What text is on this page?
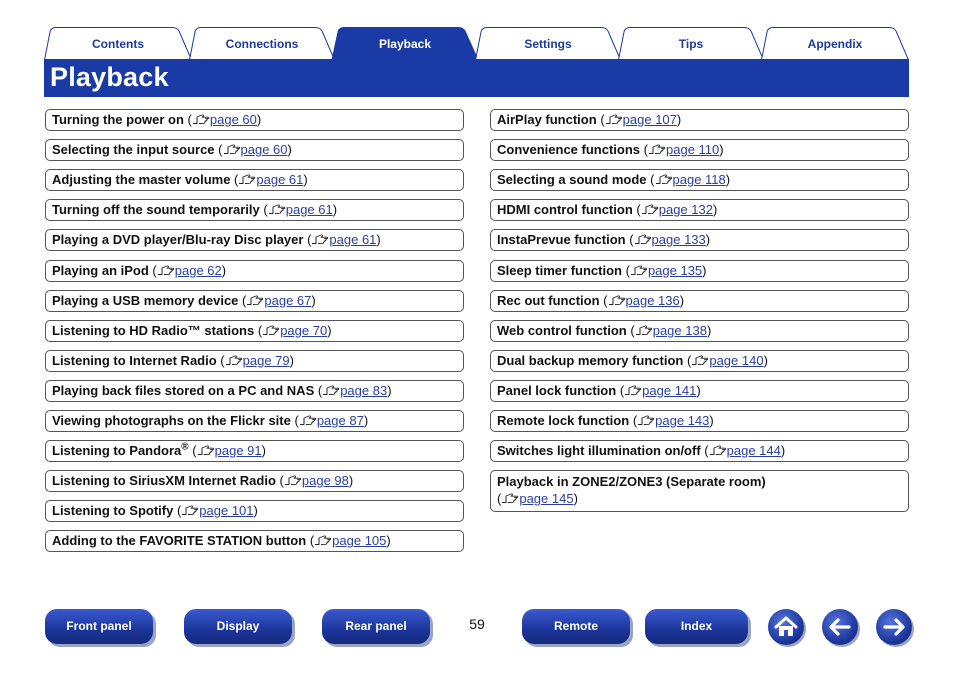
Contents	Connections	Playback	Settings	Tips	Appendix
Playback
Turning the power on ( page 60)
Selecting the input source ( page 60)
Adjusting the master volume ( page 61)
Turning off the sound temporarily ( page 61)
Playing a DVD player/Blu-ray Disc player ( page 61)
Playing an iPod ( page 62)
Playing a USB memory device ( page 67)
Listening to HD Radio™ stations ( page 70)
Listening to Internet Radio ( page 79)
Playing back files stored on a PC and NAS ( page 83)
Viewing photographs on the Flickr site ( page 87)
Listening to Pandora® ( page 91)
Listening to SiriusXM Internet Radio ( page 98)
Listening to Spotify ( page 101)
Adding to the FAVORITE STATION button ( page 105)
AirPlay function ( page 107)
Convenience functions ( page 110)
Selecting a sound mode ( page 118)
HDMI control function ( page 132)
InstaPrevue function ( page 133)
Sleep timer function ( page 135)
Rec out function ( page 136)
Web control function ( page 138)
Dual backup memory function ( page 140)
Panel lock function ( page 141)
Remote lock function ( page 143)
Switches light illumination on/off ( page 144)
Playback in ZONE2/ZONE3 (Separate room)
( page 145)
Front panel	Display	Rear panel	59	Remote	Index
